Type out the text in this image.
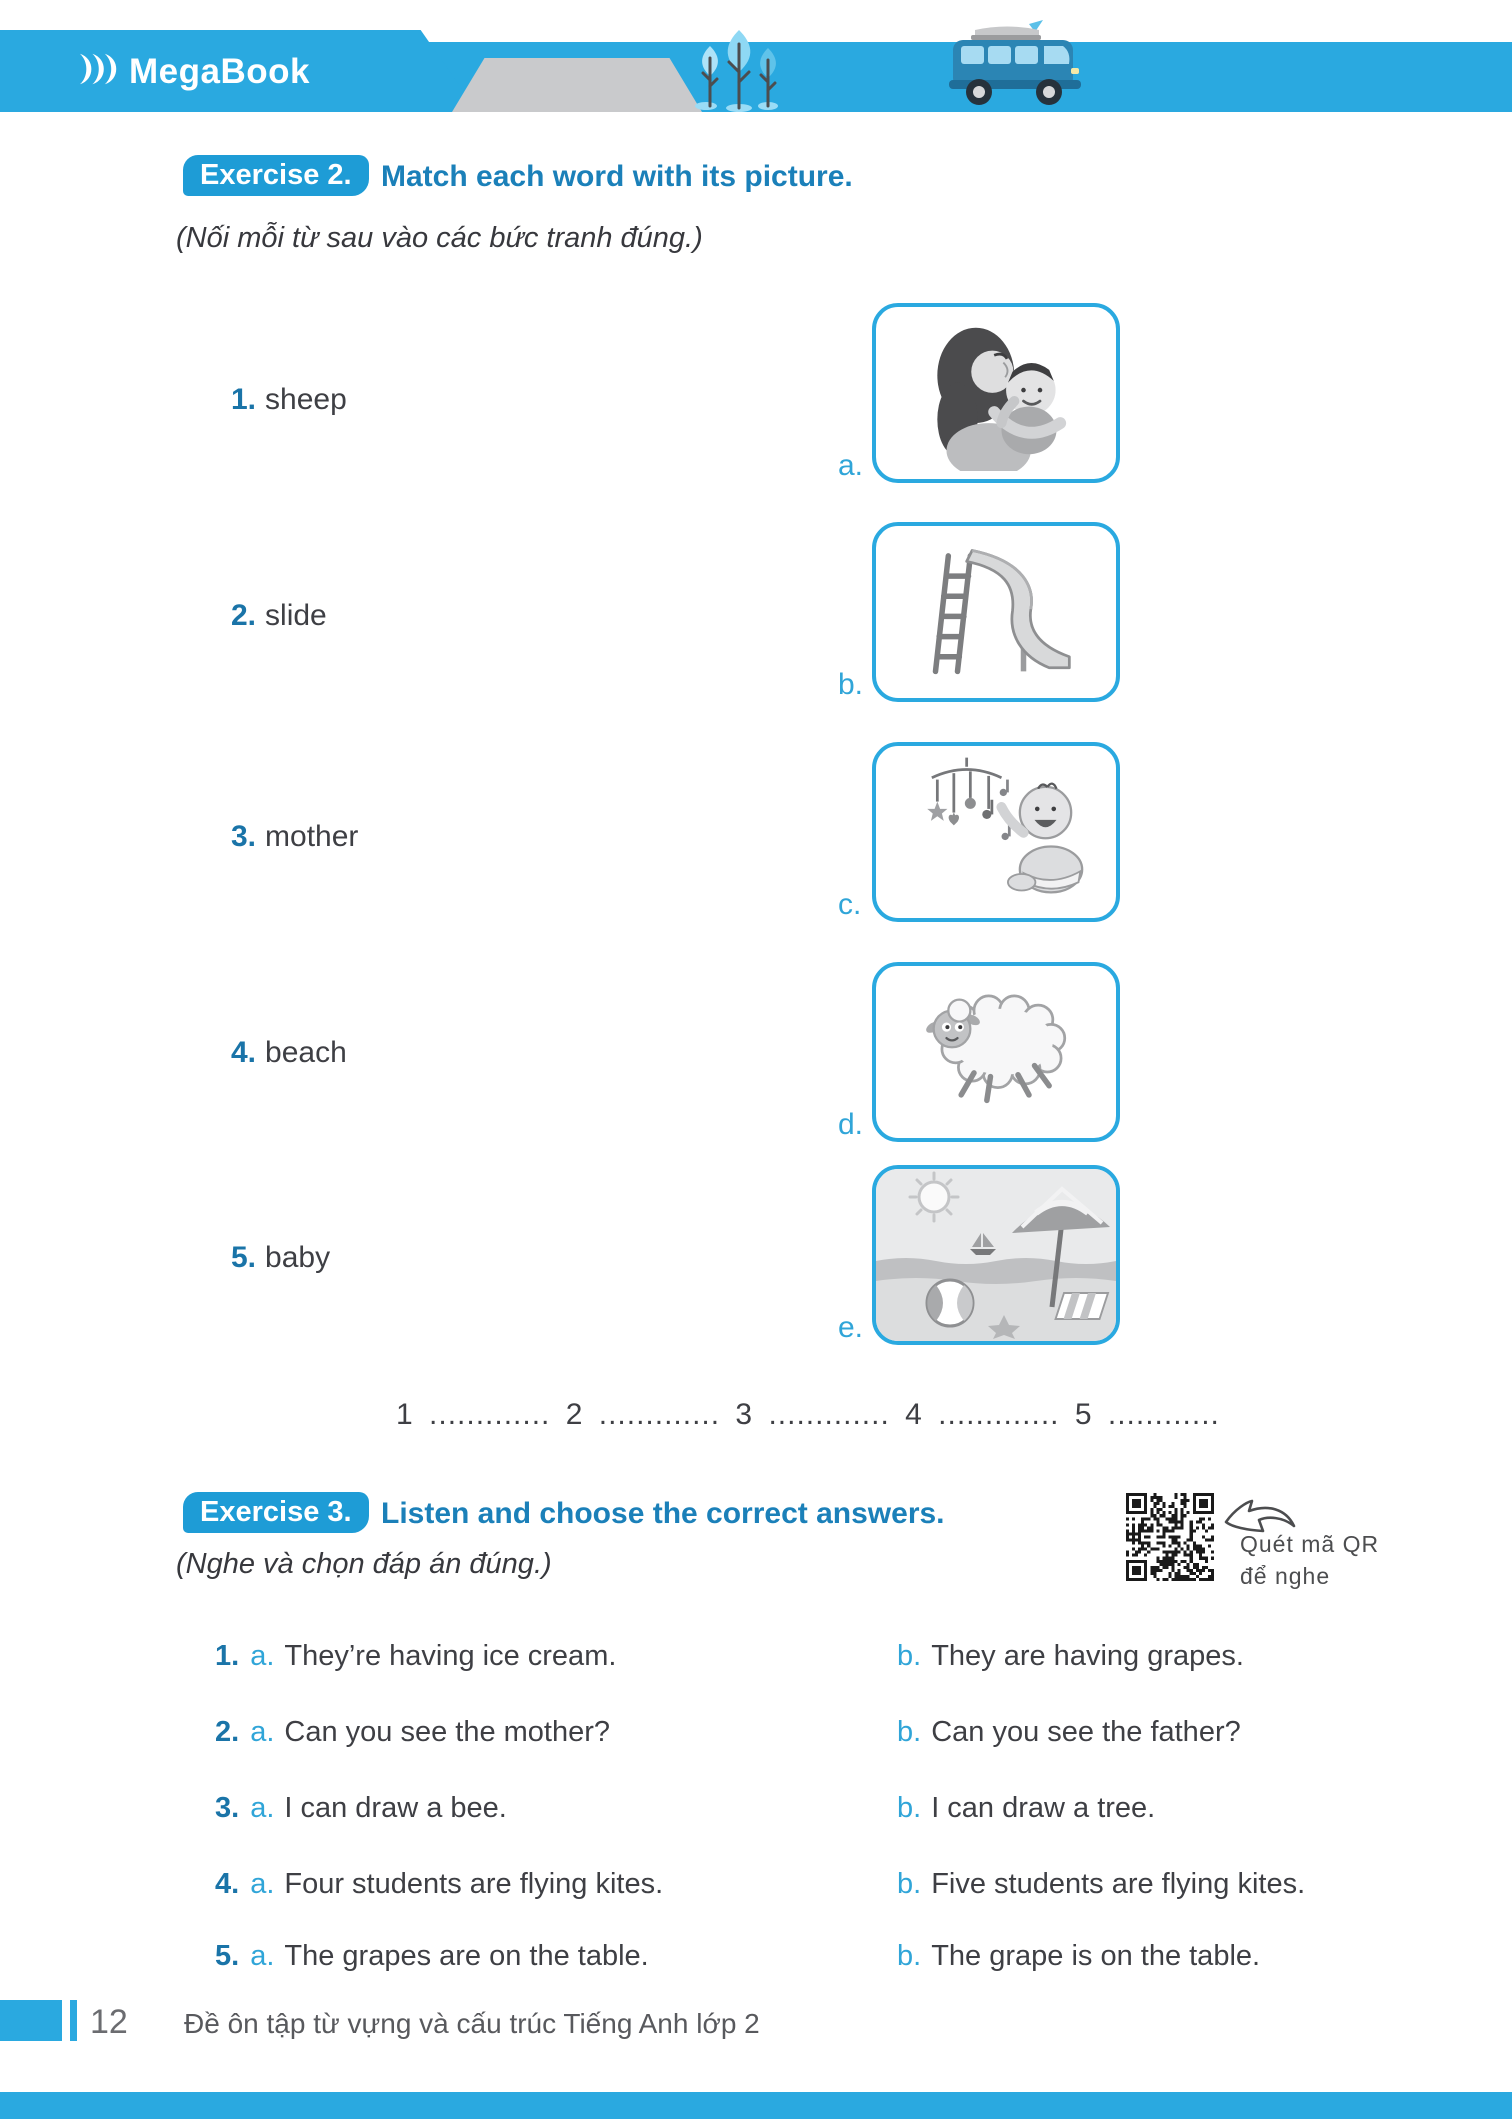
MegaBook
Exercise 2. Match each word with its picture.
(Nối mỗi từ sau vào các bức tranh đúng.)
1. sheep
2. slide
3. mother
4. beach
5. baby
a.
b.
c.
d.
e.
1 ............. 2 ............. 3 ............. 4 ............. 5 ............
Exercise 3. Listen and choose the correct answers.
(Nghe và chọn đáp án đúng.)
Quét mã QR
để nghe
1. a. They’re having ice cream.	b. They are having grapes.
2. a. Can you see the mother?	b. Can you see the father?
3. a. I can draw a bee.	b. I can draw a tree.
4. a. Four students are flying kites.	b. Five students are flying kites.
5. a. The grapes are on the table.	b. The grape is on the table.
12 Đề ôn tập từ vựng và cấu trúc Tiếng Anh lớp 2
